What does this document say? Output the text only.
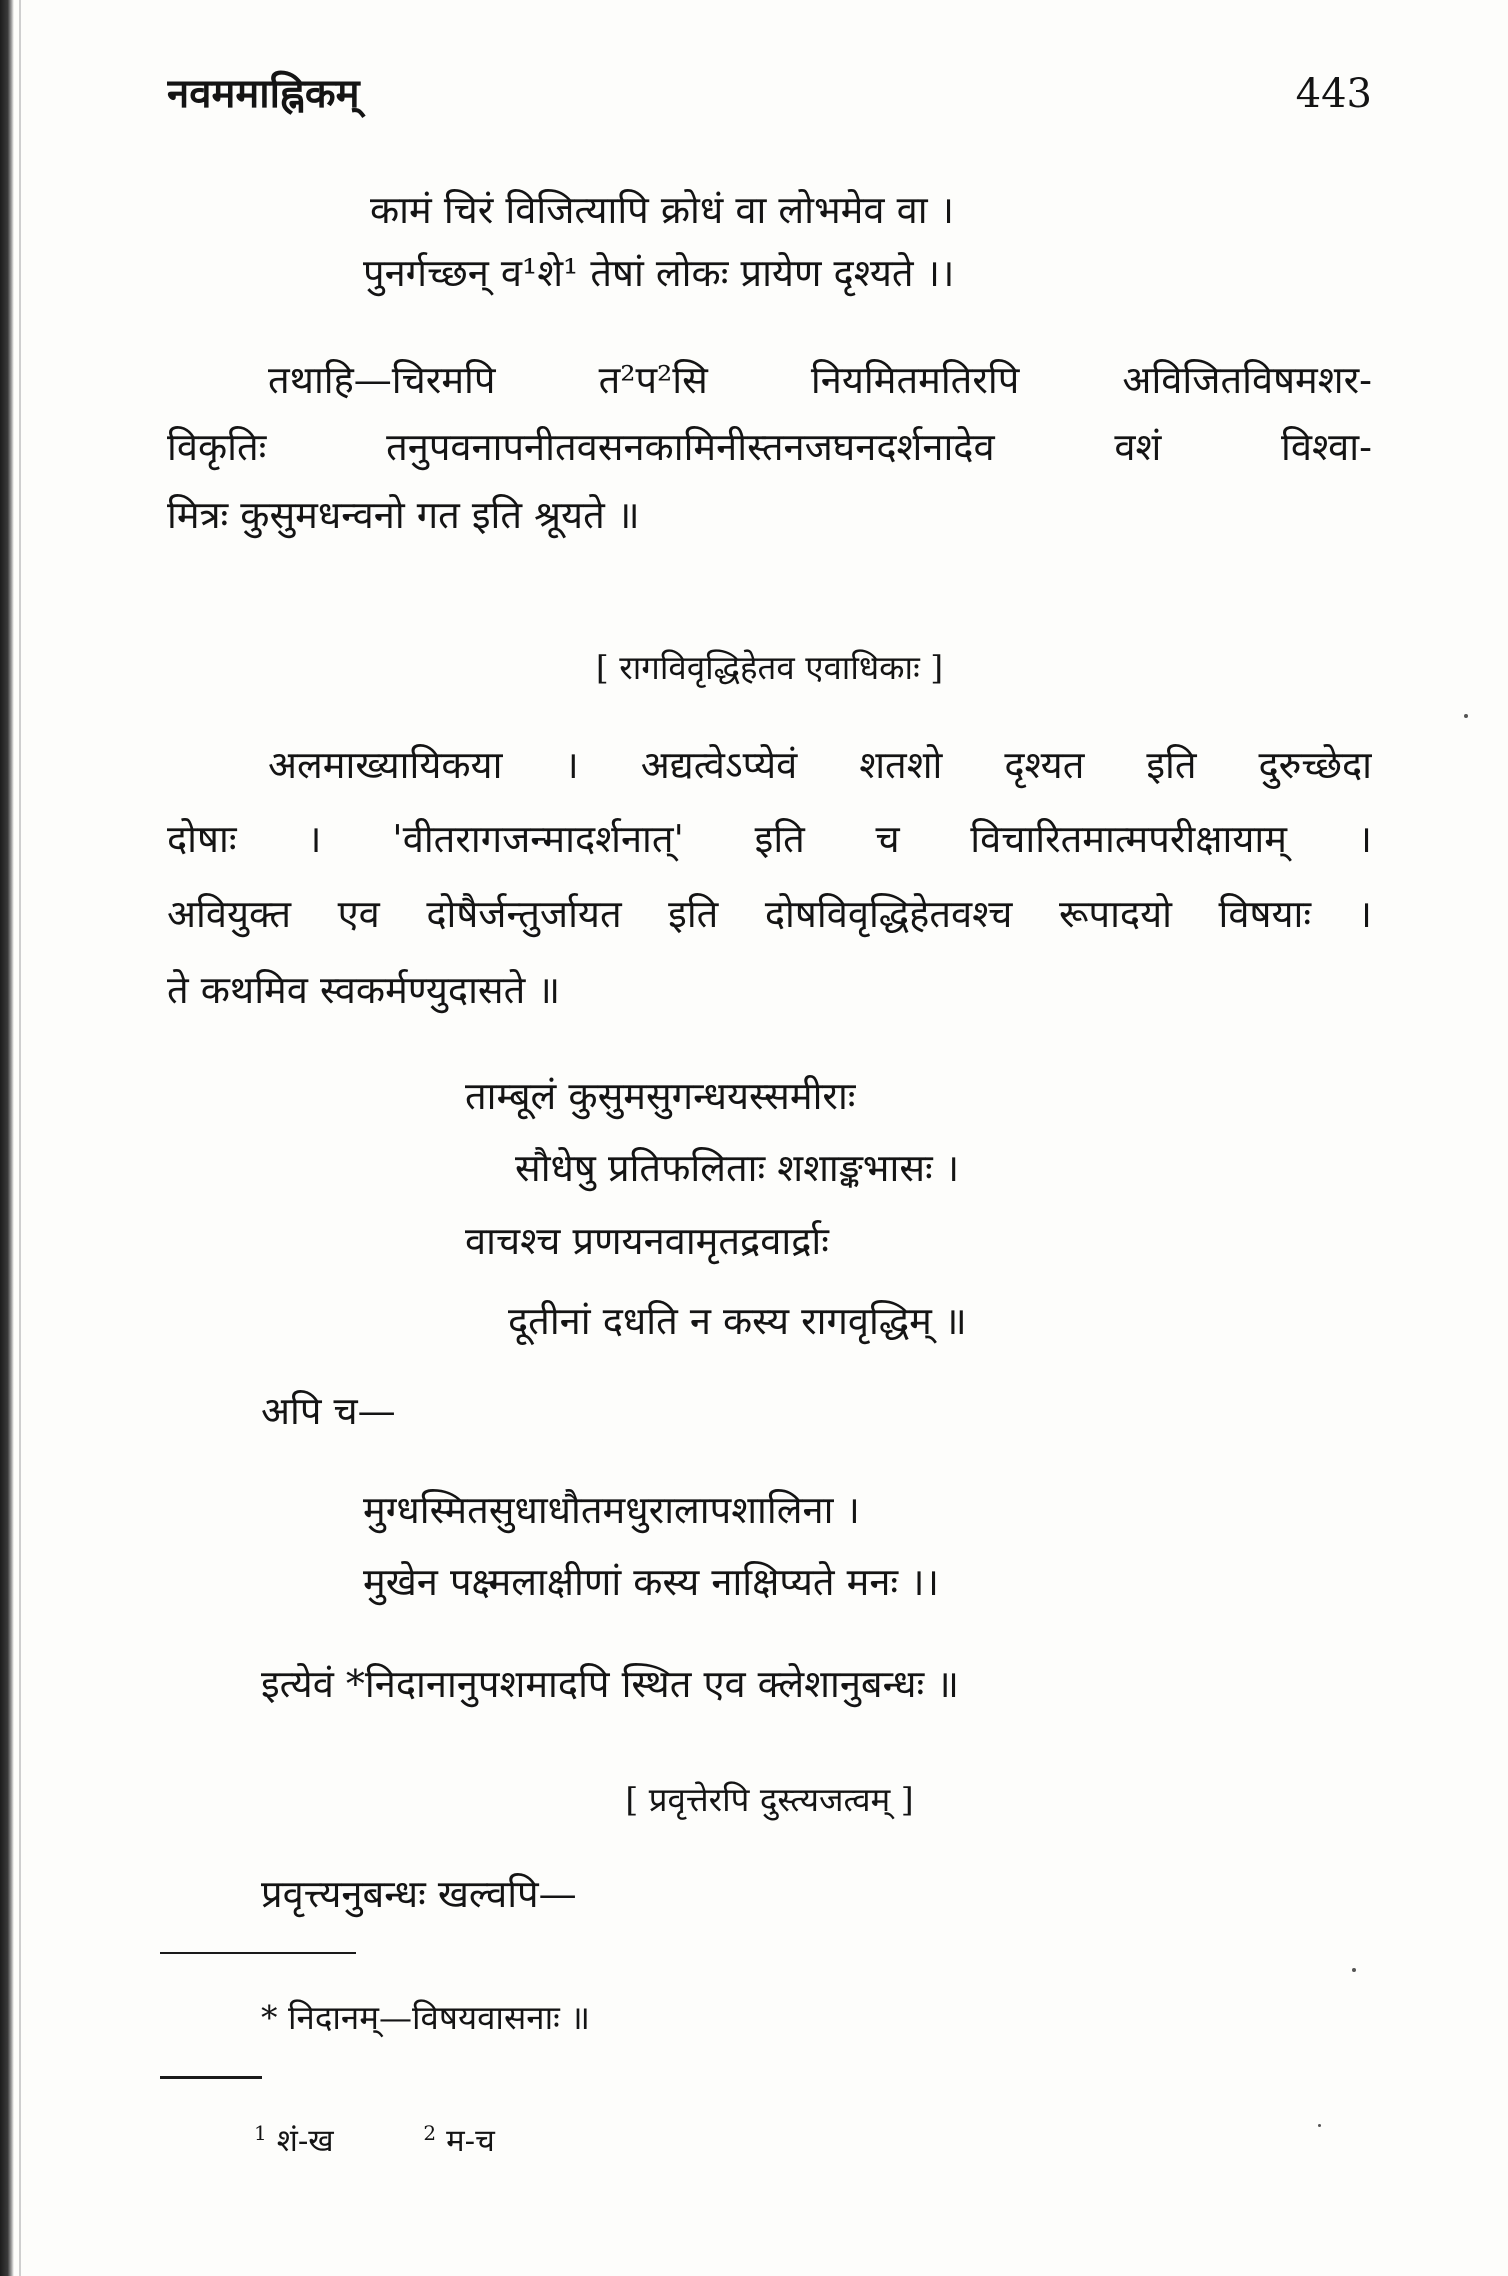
नवममाह्निकम्	443
कामं चिरं विजित्यापि क्रोधं वा लोभमेव वा ।
पुनर्गच्छन् व¹शे¹ तेषां लोकः प्रायेण दृश्यते ।।
तथाहि—चिरमपि त²प²सि नियमितमतिरपि अविजितविषमशर-
विकृतिः तनुपवनापनीतवसनकामिनीस्तनजघनदर्शनादेव वशं विश्वा-
मित्रः कुसुमधन्वनो गत इति श्रूयते ॥
[ रागविवृद्धिहेतव एवाधिकाः ]
अलमाख्यायिकया । अद्यत्वेऽप्येवं शतशो दृश्यत इति दुरुच्छेदा
दोषाः । 'वीतरागजन्मादर्शनात्' इति च विचारितमात्मपरीक्षायाम् ।
अवियुक्त एव दोषैर्जन्तुर्जायत इति दोषविवृद्धिहेतवश्च रूपादयो विषयाः ।
ते कथमिव स्वकर्मण्युदासते ॥
ताम्बूलं कुसुमसुगन्धयस्समीराः
सौधेषु प्रतिफलिताः शशाङ्कभासः ।
वाचश्च प्रणयनवामृतद्रवार्द्राः
दूतीनां दधति न कस्य रागवृद्धिम् ॥
अपि च—
मुग्धस्मितसुधाधौतमधुरालापशालिना ।
मुखेन पक्ष्मलाक्षीणां कस्य नाक्षिप्यते मनः ।।
इत्येवं *निदानानुपशमादपि स्थित एव क्लेशानुबन्धः ॥
[ प्रवृत्तेरपि दुस्त्यजत्वम् ]
प्रवृत्त्यनुबन्धः खल्वपि—
* निदानम्—विषयवासनाः ॥
$^1$ शं-ख	$^2$ म-च
